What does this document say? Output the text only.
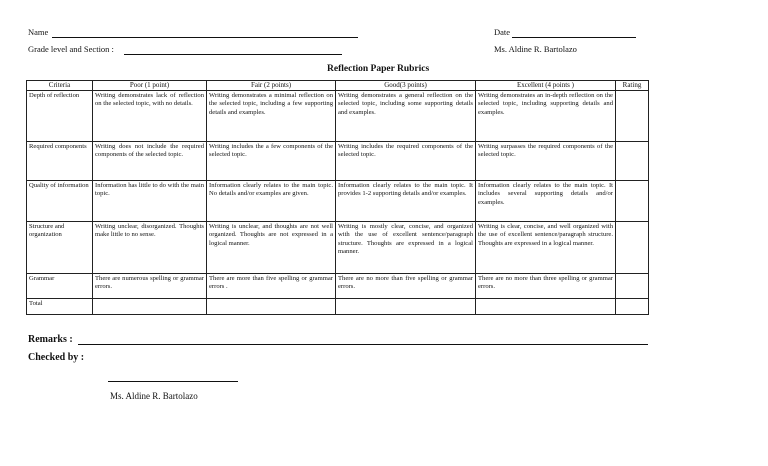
Name	Date
Grade level and Section :	Ms. Aldine R. Bartolazo
Reflection Paper Rubrics
Criteria	Poor (1 point)	Fair (2 points)	Good(3 points)	Excellent (4 points )	Rating
Depth of reflection	Writing demonstrates lack of reflection on the selected topic, with no details.	Writing demonstrates a minimal reflection on the selected topic, including a few supporting details and examples.	Writing demonstrates a general reflection on the selected topic, including some supporting details and examples.	Writing demonstrates an in-depth reflection on the selected topic, including supporting details and examples.	
Required components	Writing does not include the required components of the selected topic.	Writing includes the a few components of the selected topic.	Writing includes the required components of the selected topic.	Writing surpasses the required components of the selected topic.	
Quality of information	Information has little to do with the main topic.	Information clearly relates to the main topic. No details and/or examples are given.	Information clearly relates to the main topic. It provides 1-2 supporting details and/or examples.	Information clearly relates to the main topic. It includes several supporting details and/or examples.	
Structure and organization	Writing unclear, disorganized. Thoughts make little to no sense.	Writing is unclear, and thoughts are not well organized. Thoughts are not expressed in a logical manner.	Writing is mostly clear, concise, and organized with the use of excellent sentence/paragraph structure. Thoughts are expressed in a logical manner.	Writing is clear, concise, and well organized with the use of excellent sentence/paragraph structure. Thoughts are expressed in a logical manner.	
Grammar	There are numerous spelling or grammar errors.	There are more than five spelling or grammar errors .	There are no more than five spelling or grammar errors.	There are no more than three spelling or grammar errors.	
Total					
Remarks :
Checked by :
Ms. Aldine R. Bartolazo
